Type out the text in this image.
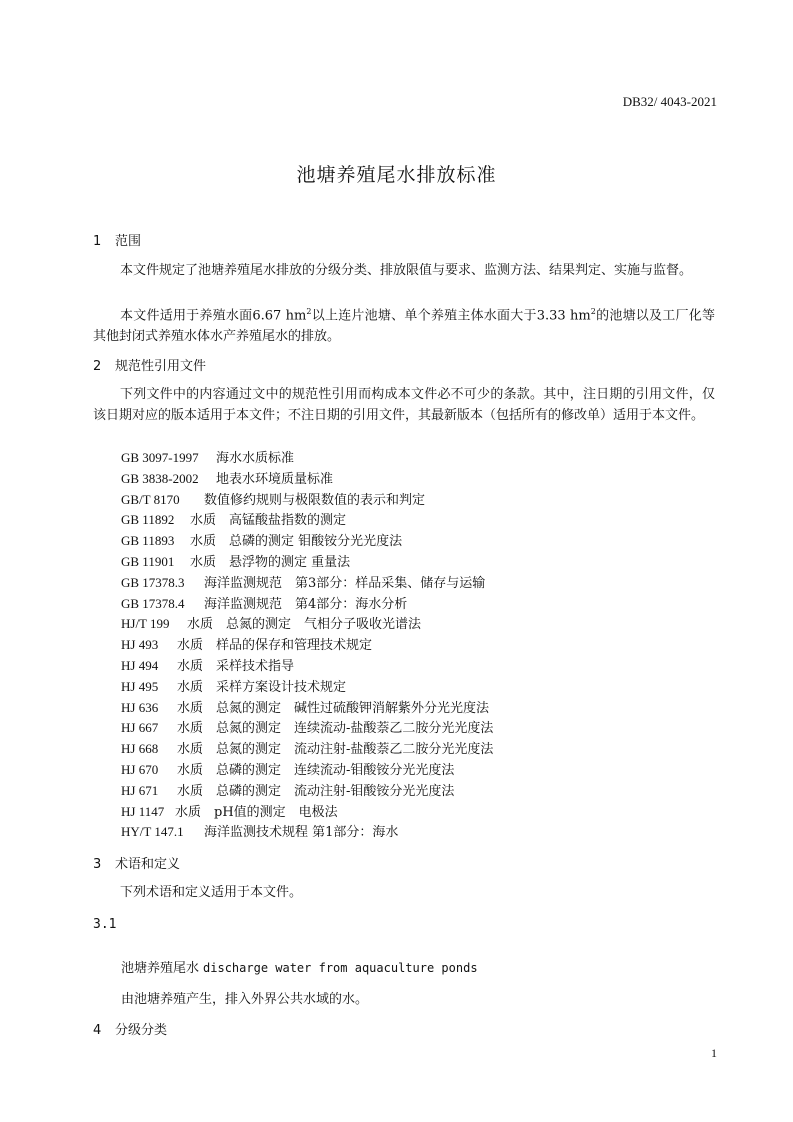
DB32/ 4043-2021
池塘养殖尾水排放标准
1 范围
本文件规定了池塘养殖尾水排放的分级分类、排放限值与要求、监测方法、结果判定、实施与监督。
本文件适用于养殖水面6.67 $hm^2$以上连片池塘、单个养殖主体水面大于3.33 $hm^2$的池塘以及工厂化等其他封闭式养殖水体水产养殖尾水的排放。
2 规范性引用文件
下列文件中的内容通过文中的规范性引用而构成本文件必不可少的条款。其中，注日期的引用文件，仅该日期对应的版本适用于本文件；不注日期的引用文件，其最新版本（包括所有的修改单）适用于本文件。
GB 3097-1997 海水水质标准
GB 3838-2002 地表水环境质量标准
GB/T 8170 数值修约规则与极限数值的表示和判定
GB 11892 水质　高锰酸盐指数的测定
GB 11893 水质　总磷的测定 钼酸铵分光光度法
GB 11901 水质　悬浮物的测定 重量法
GB 17378.3 海洋监测规范　第3部分：样品采集、储存与运输
GB 17378.4 海洋监测规范　第4部分：海水分析
HJ/T 199 水质　总氮的测定　气相分子吸收光谱法
HJ 493 水质　样品的保存和管理技术规定
HJ 494 水质　采样技术指导
HJ 495 水质　采样方案设计技术规定
HJ 636 水质　总氮的测定　碱性过硫酸钾消解紫外分光光度法
HJ 667 水质　总氮的测定　连续流动-盐酸萘乙二胺分光光度法
HJ 668 水质　总氮的测定　流动注射-盐酸萘乙二胺分光光度法
HJ 670 水质　总磷的测定　连续流动-钼酸铵分光光度法
HJ 671 水质　总磷的测定　流动注射-钼酸铵分光光度法
HJ 1147 水质　pH值的测定　电极法
HY/T 147.1 海洋监测技术规程 第1部分：海水
3 术语和定义
下列术语和定义适用于本文件。
3.1
池塘养殖尾水 discharge water from aquaculture ponds
由池塘养殖产生，排入外界公共水域的水。
4 分级分类
1
